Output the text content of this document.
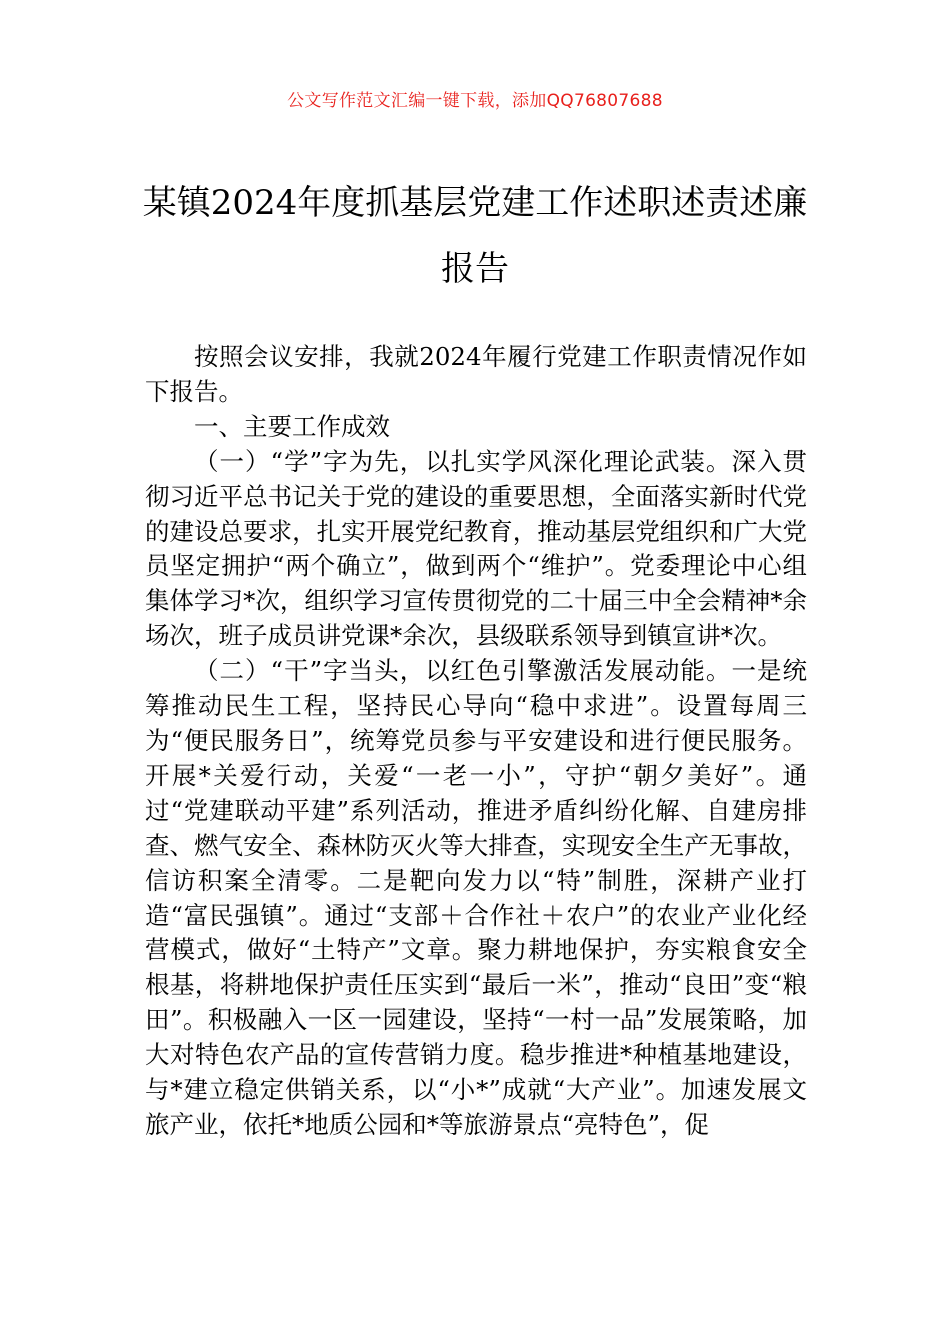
公文写作范文汇编一键下载，添加QQ76807688
某镇2024年度抓基层党建工作述职述责述廉报告

按照会议安排，我就2024年履行党建工作职责情况作如下报告。

一、主要工作成效

（一）“学”字为先，以扎实学风深化理论武装。深入贯彻习近平总书记关于党的建设的重要思想，全面落实新时代党的建设总要求，扎实开展党纪教育，推动基层党组织和广大党员坚定拥护“两个确立”，做到两个“维护”。党委理论中心组集体学习*次，组织学习宣传贯彻党的二十届三中全会精神*余场次，班子成员讲党课*余次，县级联系领导到镇宣讲*次。

（二）“干”字当头，以红色引擎激活发展动能。一是统筹推动民生工程，坚持民心导向“稳中求进”。设置每周三为“便民服务日”，统筹党员参与平安建设和进行便民服务。开展*关爱行动，关爱“一老一小”，守护“朝夕美好”。通过“党建联动平建”系列活动，推进矛盾纠纷化解、自建房排查、燃气安全、森林防灭火等大排查，实现安全生产无事故，信访积案全清零。二是靶向发力以“特”制胜，深耕产业打造“富民强镇”。通过“支部＋合作社＋农户”的农业产业化经营模式，做好“土特产”文章。聚力耕地保护，夯实粮食安全根基，将耕地保护责任压实到“最后一米”，推动“良田”变“粮田”。积极融入一区一园建设，坚持“一村一品”发展策略，加大对特色农产品的宣传营销力度。稳步推进*种植基地建设，与*建立稳定供销关系，以“小*”成就“大产业”。加速发展文旅产业，依托*地质公园和*等旅游景点“亮特色”，促
